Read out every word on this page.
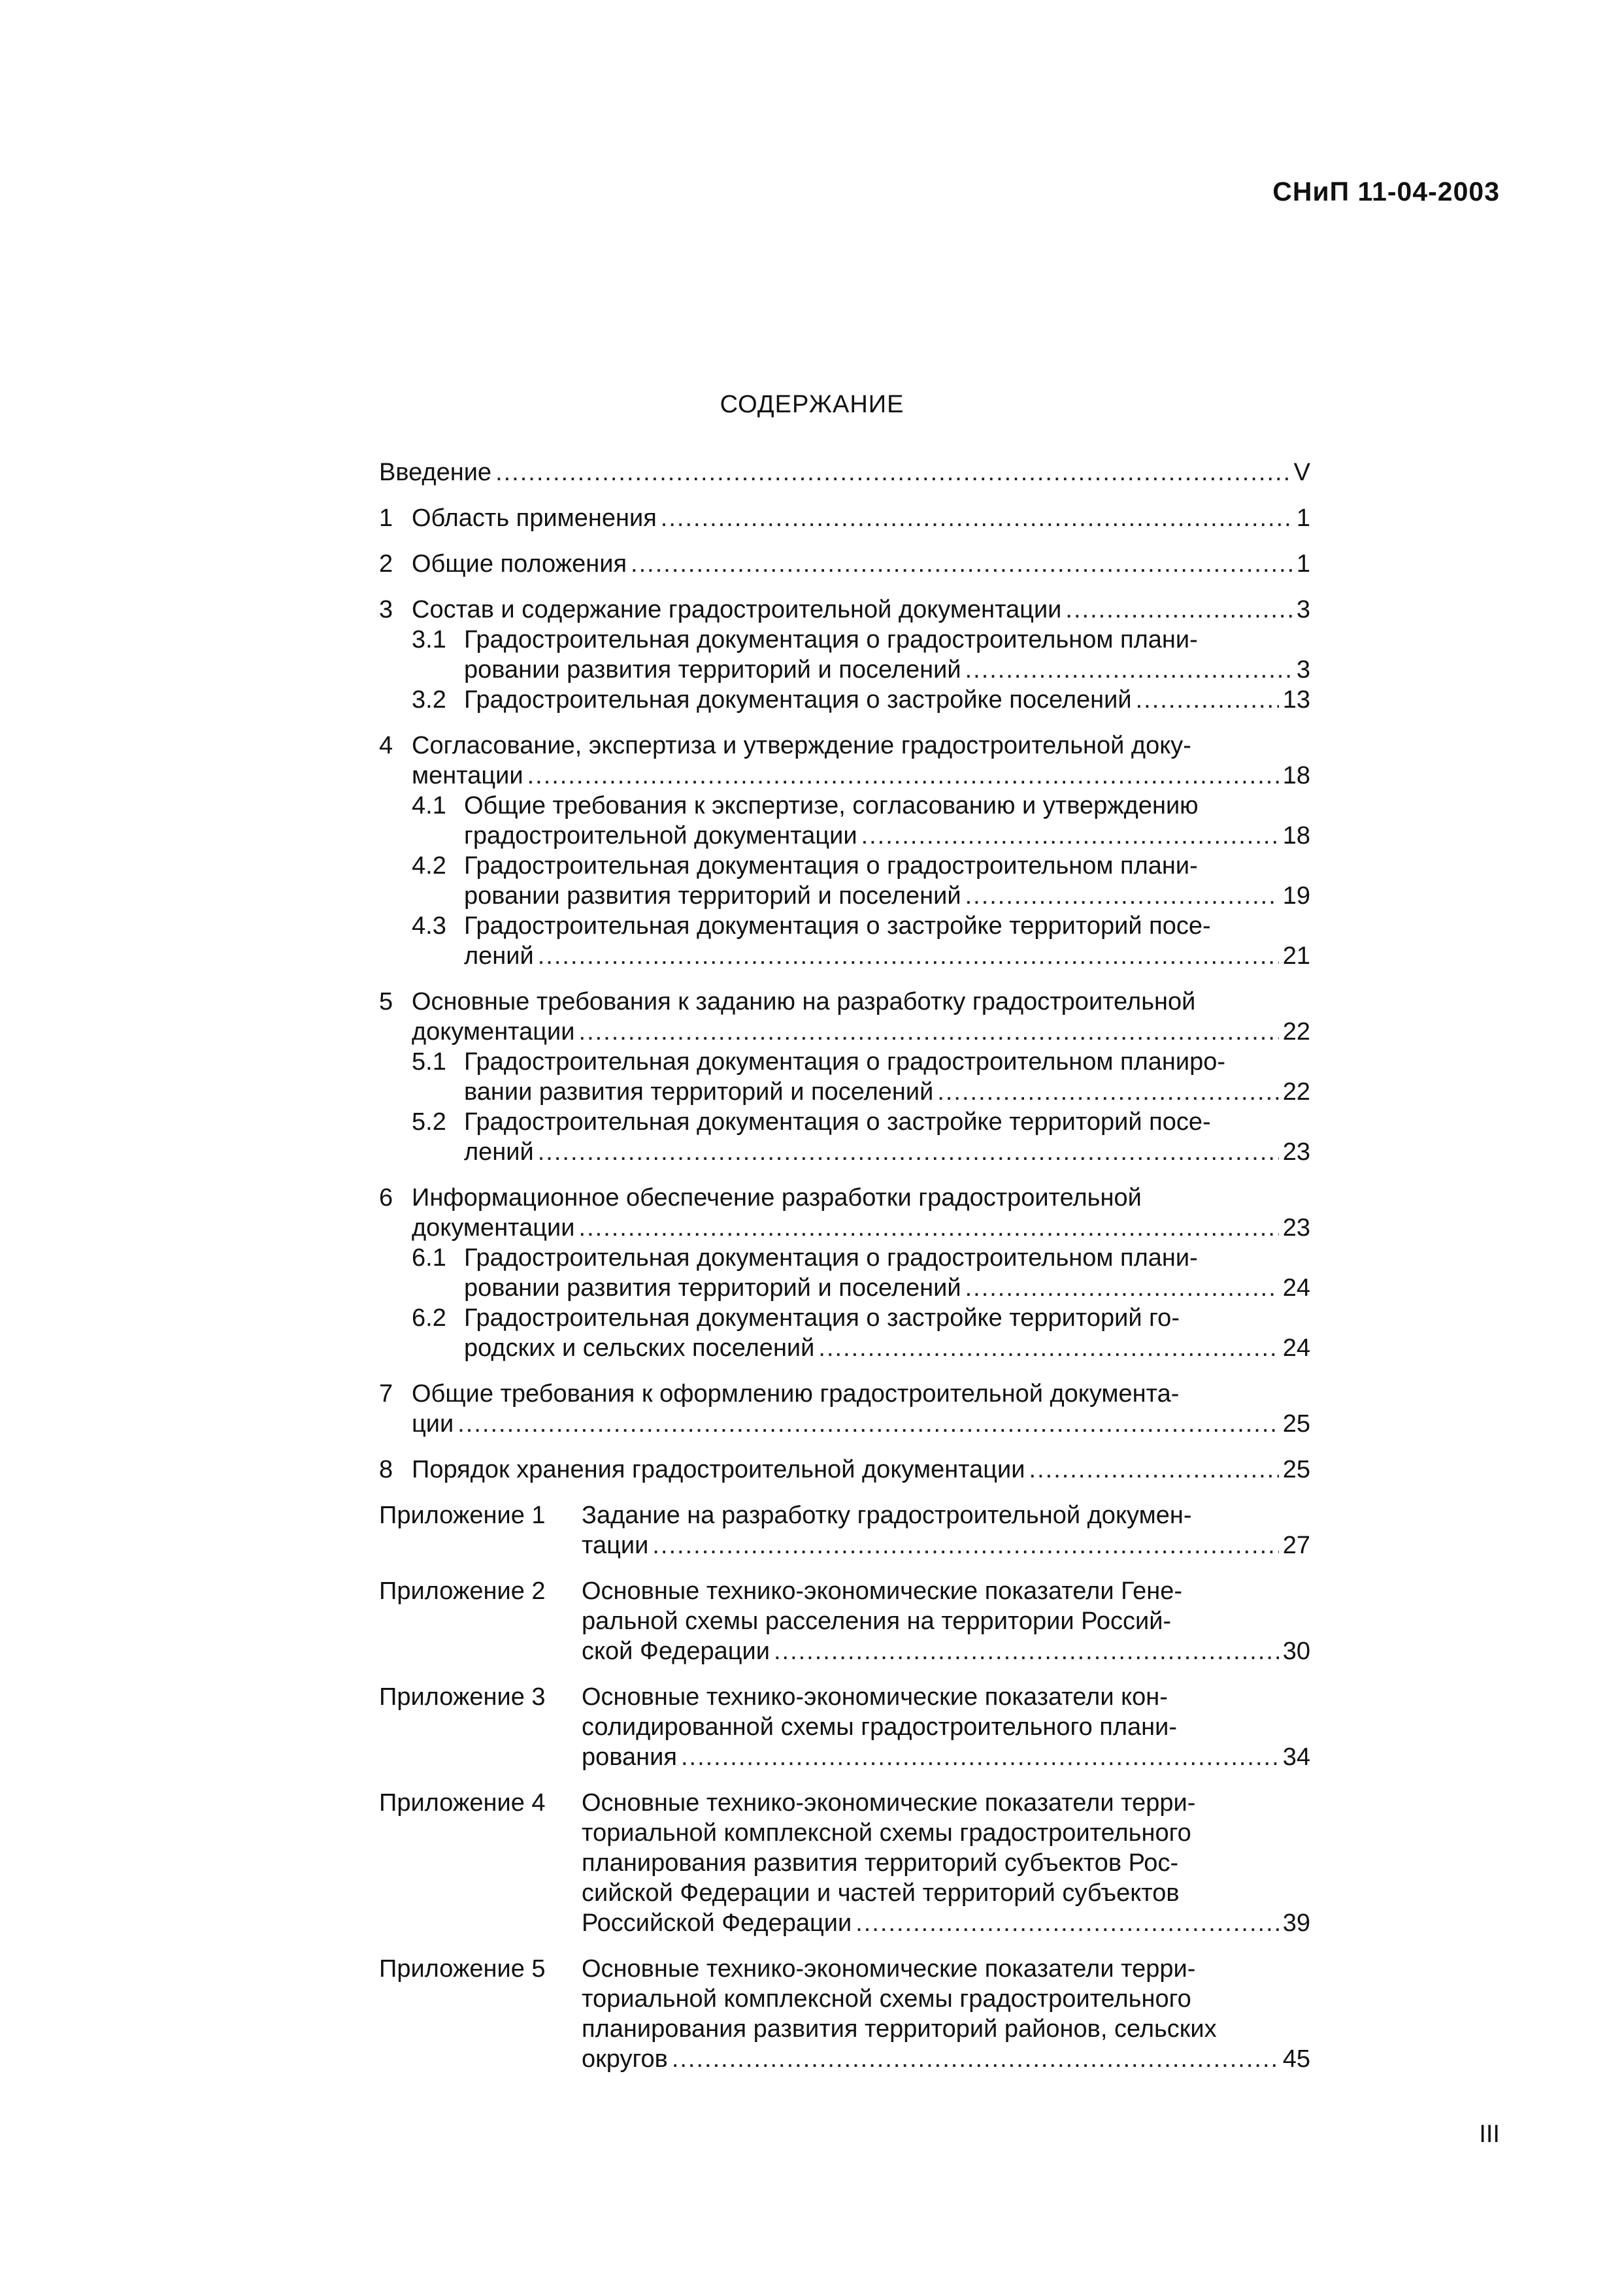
СНиП 11-04-2003
СОДЕРЖАНИЕ
Введение .....	V
1 Область применения .....	1
2 Общие положения .....	1
3 Состав и содержание градостроительной документации .....	3
3.1 Градостроительная документация о градостроительном плани-
ровании развития территорий и поселений .....	3
3.2 Градостроительная документация о застройке поселений .....	13
4 Согласование, экспертиза и утверждение градостроительной доку-
ментации .....	18
4.1 Общие требования к экспертизе, согласованию и утверждению
градостроительной документации .....	18
4.2 Градостроительная документация о градостроительном плани-
ровании развития территорий и поселений .....	19
4.3 Градостроительная документация о застройке территорий посе-
лений .....	21
5 Основные требования к заданию на разработку градостроительной
документации .....	22
5.1 Градостроительная документация о градостроительном планиро-
вании развития территорий и поселений .....	22
5.2 Градостроительная документация о застройке территорий посе-
лений .....	23
6 Информационное обеспечение разработки градостроительной
документации .....	23
6.1 Градостроительная документация о градостроительном плани-
ровании развития территорий и поселений .....	24
6.2 Градостроительная документация о застройке территорий го-
родских и сельских поселений .....	24
7 Общие требования к оформлению градостроительной документа-
ции .....	25
8 Порядок хранения градостроительной документации .....	25
Приложение 1 Задание на разработку градостроительной докумен-
тации .....	27
Приложение 2 Основные технико-экономические показатели Гене-
ральной схемы расселения на территории Россий-
ской Федерации .....	30
Приложение 3 Основные технико-экономические показатели кон-
солидированной схемы градостроительного плани-
рования .....	34
Приложение 4 Основные технико-экономические показатели терри-
ториальной комплексной схемы градостроительного
планирования развития территорий субъектов Рос-
сийской Федерации и частей территорий субъектов
Российской Федерации .....	39
Приложение 5 Основные технико-экономические показатели терри-
ториальной комплексной схемы градостроительного
планирования развития территорий районов, сельских
округов .....	45
III
